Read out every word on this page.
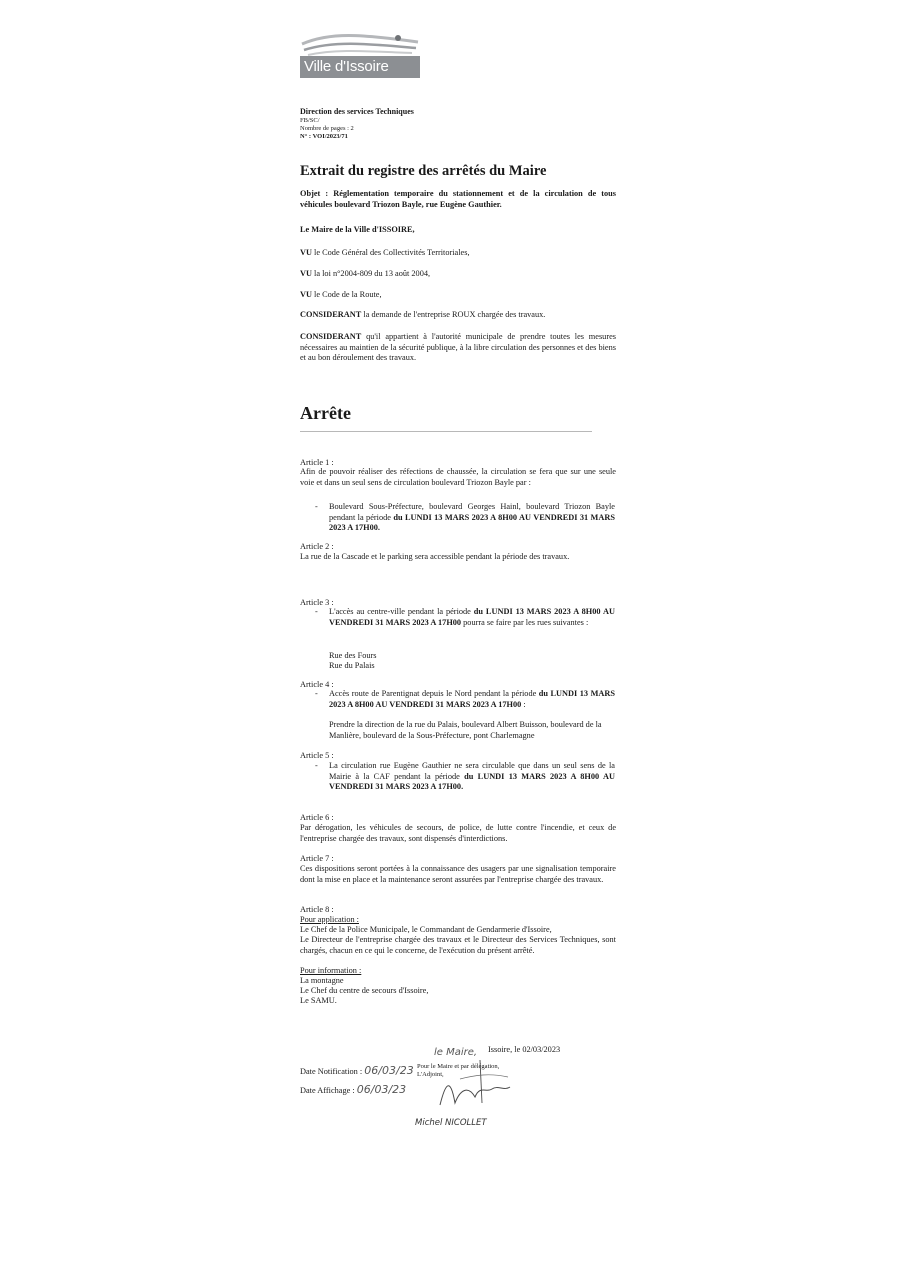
Ville d'Issoire
Direction des services Techniques
FB/SC/
Nombre de pages : 2
N° : VOI/2023/71
Extrait du registre des arrêtés du Maire
Objet : Réglementation temporaire du stationnement et de la circulation de tous véhicules boulevard Triozon Bayle, rue Eugène Gauthier.
Le Maire de la Ville d'ISSOIRE,
VU le Code Général des Collectivités Territoriales,
VU la loi n°2004-809 du 13 août 2004,
VU le Code de la Route,
CONSIDERANT la demande de l'entreprise ROUX chargée des travaux.
CONSIDERANT qu'il appartient à l'autorité municipale de prendre toutes les mesures nécessaires au maintien de la sécurité publique, à la libre circulation des personnes et des biens et au bon déroulement des travaux.
Arrête
Article 1 :
Afin de pouvoir réaliser des réfections de chaussée, la circulation se fera que sur une seule voie et dans un seul sens de circulation boulevard Triozon Bayle par :
- Boulevard Sous-Préfecture, boulevard Georges Hainl, boulevard Triozon Bayle pendant la période du LUNDI 13 MARS 2023 A 8H00 AU VENDREDI 31 MARS 2023 A 17H00.
Article 2 :
La rue de la Cascade et le parking sera accessible pendant la période des travaux.
Article 3 :
- L'accès au centre-ville pendant la période du LUNDI 13 MARS 2023 A 8H00 AU VENDREDI 31 MARS 2023 A 17H00 pourra se faire par les rues suivantes :
Rue des Fours
Rue du Palais
Article 4 :
- Accès route de Parentignat depuis le Nord pendant la période du LUNDI 13 MARS 2023 A 8H00 AU VENDREDI 31 MARS 2023 A 17H00 :
Prendre la direction de la rue du Palais, boulevard Albert Buisson, boulevard de la Manlière, boulevard de la Sous-Préfecture, pont Charlemagne
Article 5 :
- La circulation rue Eugène Gauthier ne sera circulable que dans un seul sens de la Mairie à la CAF pendant la période du LUNDI 13 MARS 2023 A 8H00 AU VENDREDI 31 MARS 2023 A 17H00.
Article 6 :
Par dérogation, les véhicules de secours, de police, de lutte contre l'incendie, et ceux de l'entreprise chargée des travaux, sont dispensés d'interdictions.
Article 7 :
Ces dispositions seront portées à la connaissance des usagers par une signalisation temporaire dont la mise en place et la maintenance seront assurées par l'entreprise chargée des travaux.
Article 8 :
Pour application :
Le Chef de la Police Municipale, le Commandant de Gendarmerie d'Issoire,
Le Directeur de l'entreprise chargée des travaux et le Directeur des Services Techniques, sont chargés, chacun en ce qui le concerne, de l'exécution du présent arrêté.
Pour information :
La montagne
Le Chef du centre de secours d'Issoire,
Le SAMU.
Issoire, le 02/03/2023
le Maire,
Pour le Maire et par délégation,
L'Adjoint,
Date Notification : 06/03/23
Date Affichage : 06/03/23
Michel NICOLLET
